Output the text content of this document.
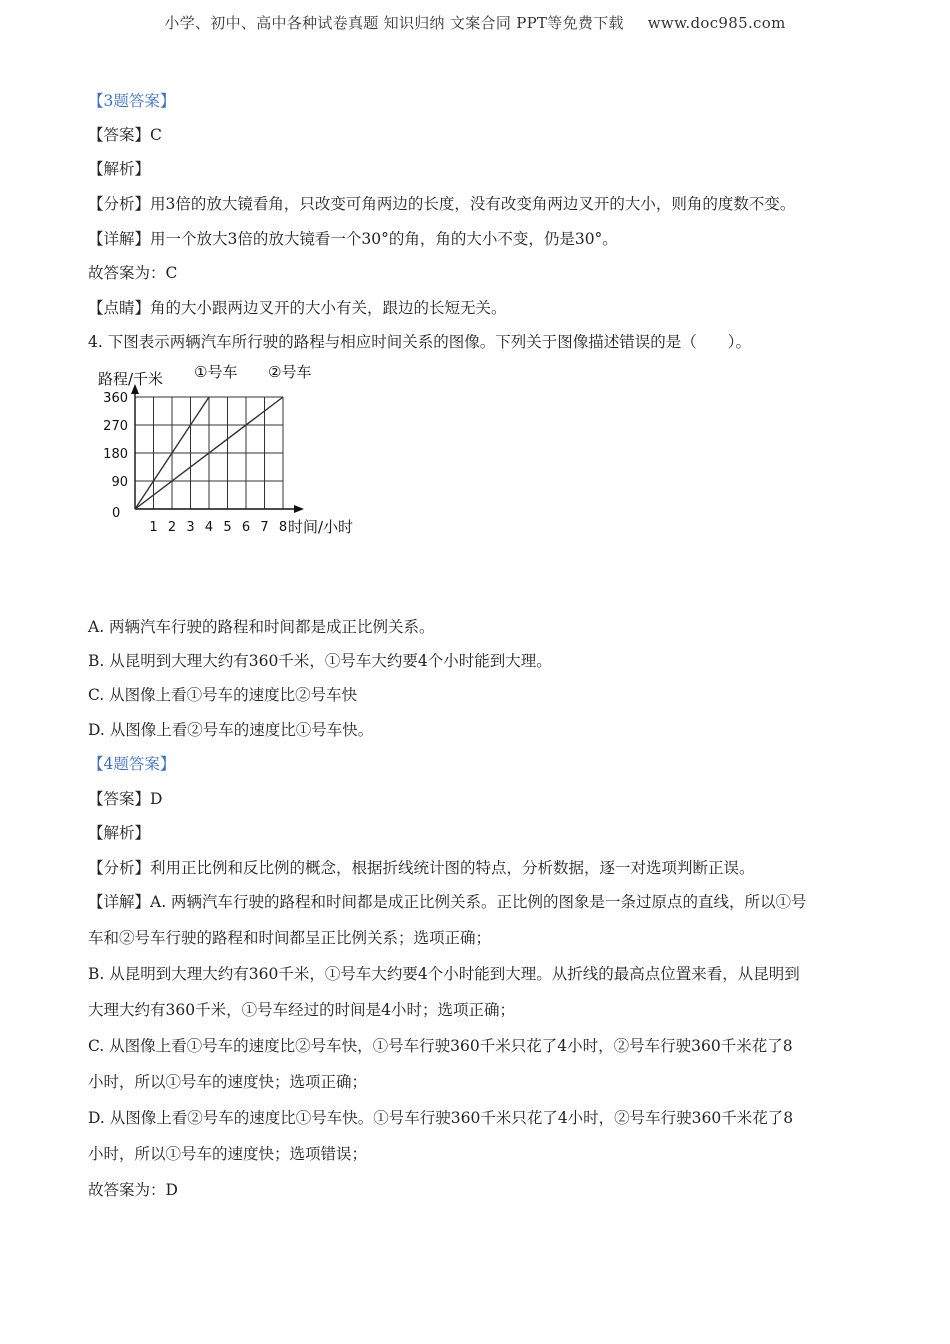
小学、初中、高中各种试卷真题 知识归纳 文案合同 PPT等免费下载 www.doc985.com
【3题答案】
【答案】C
【解析】
【分析】用3倍的放大镜看角，只改变可角两边的长度，没有改变角两边叉开的大小，则角的度数不变。
【详解】用一个放大3倍的放大镜看一个30°的角，角的大小不变，仍是30°。
故答案为：C
【点睛】角的大小跟两边叉开的大小有关，跟边的长短无关。
4. 下图表示两辆汽车所行驶的路程与相应时间关系的图像。下列关于图像描述错误的是（　　）。
①号车 ②号车
路程/千米
时间/小时
0
90
180
270
360
1 2 3 4 5 6 7 8
A. 两辆汽车行驶的路程和时间都是成正比例关系。
B. 从昆明到大理大约有360千米，①号车大约要4个小时能到大理。
C. 从图像上看①号车的速度比②号车快
D. 从图像上看②号车的速度比①号车快。
【4题答案】
【答案】D
【解析】
【分析】利用正比例和反比例的概念，根据折线统计图的特点，分析数据，逐一对选项判断正误。
【详解】A. 两辆汽车行驶的路程和时间都是成正比例关系。正比例的图象是一条过原点的直线，所以①号
车和②号车行驶的路程和时间都呈正比例关系；选项正确；
B. 从昆明到大理大约有360千米，①号车大约要4个小时能到大理。从折线的最高点位置来看，从昆明到
大理大约有360千米，①号车经过的时间是4小时；选项正确；
C. 从图像上看①号车的速度比②号车快，①号车行驶360千米只花了4小时，②号车行驶360千米花了8
小时，所以①号车的速度快；选项正确；
D. 从图像上看②号车的速度比①号车快。①号车行驶360千米只花了4小时，②号车行驶360千米花了8
小时，所以①号车的速度快；选项错误；
故答案为：D
